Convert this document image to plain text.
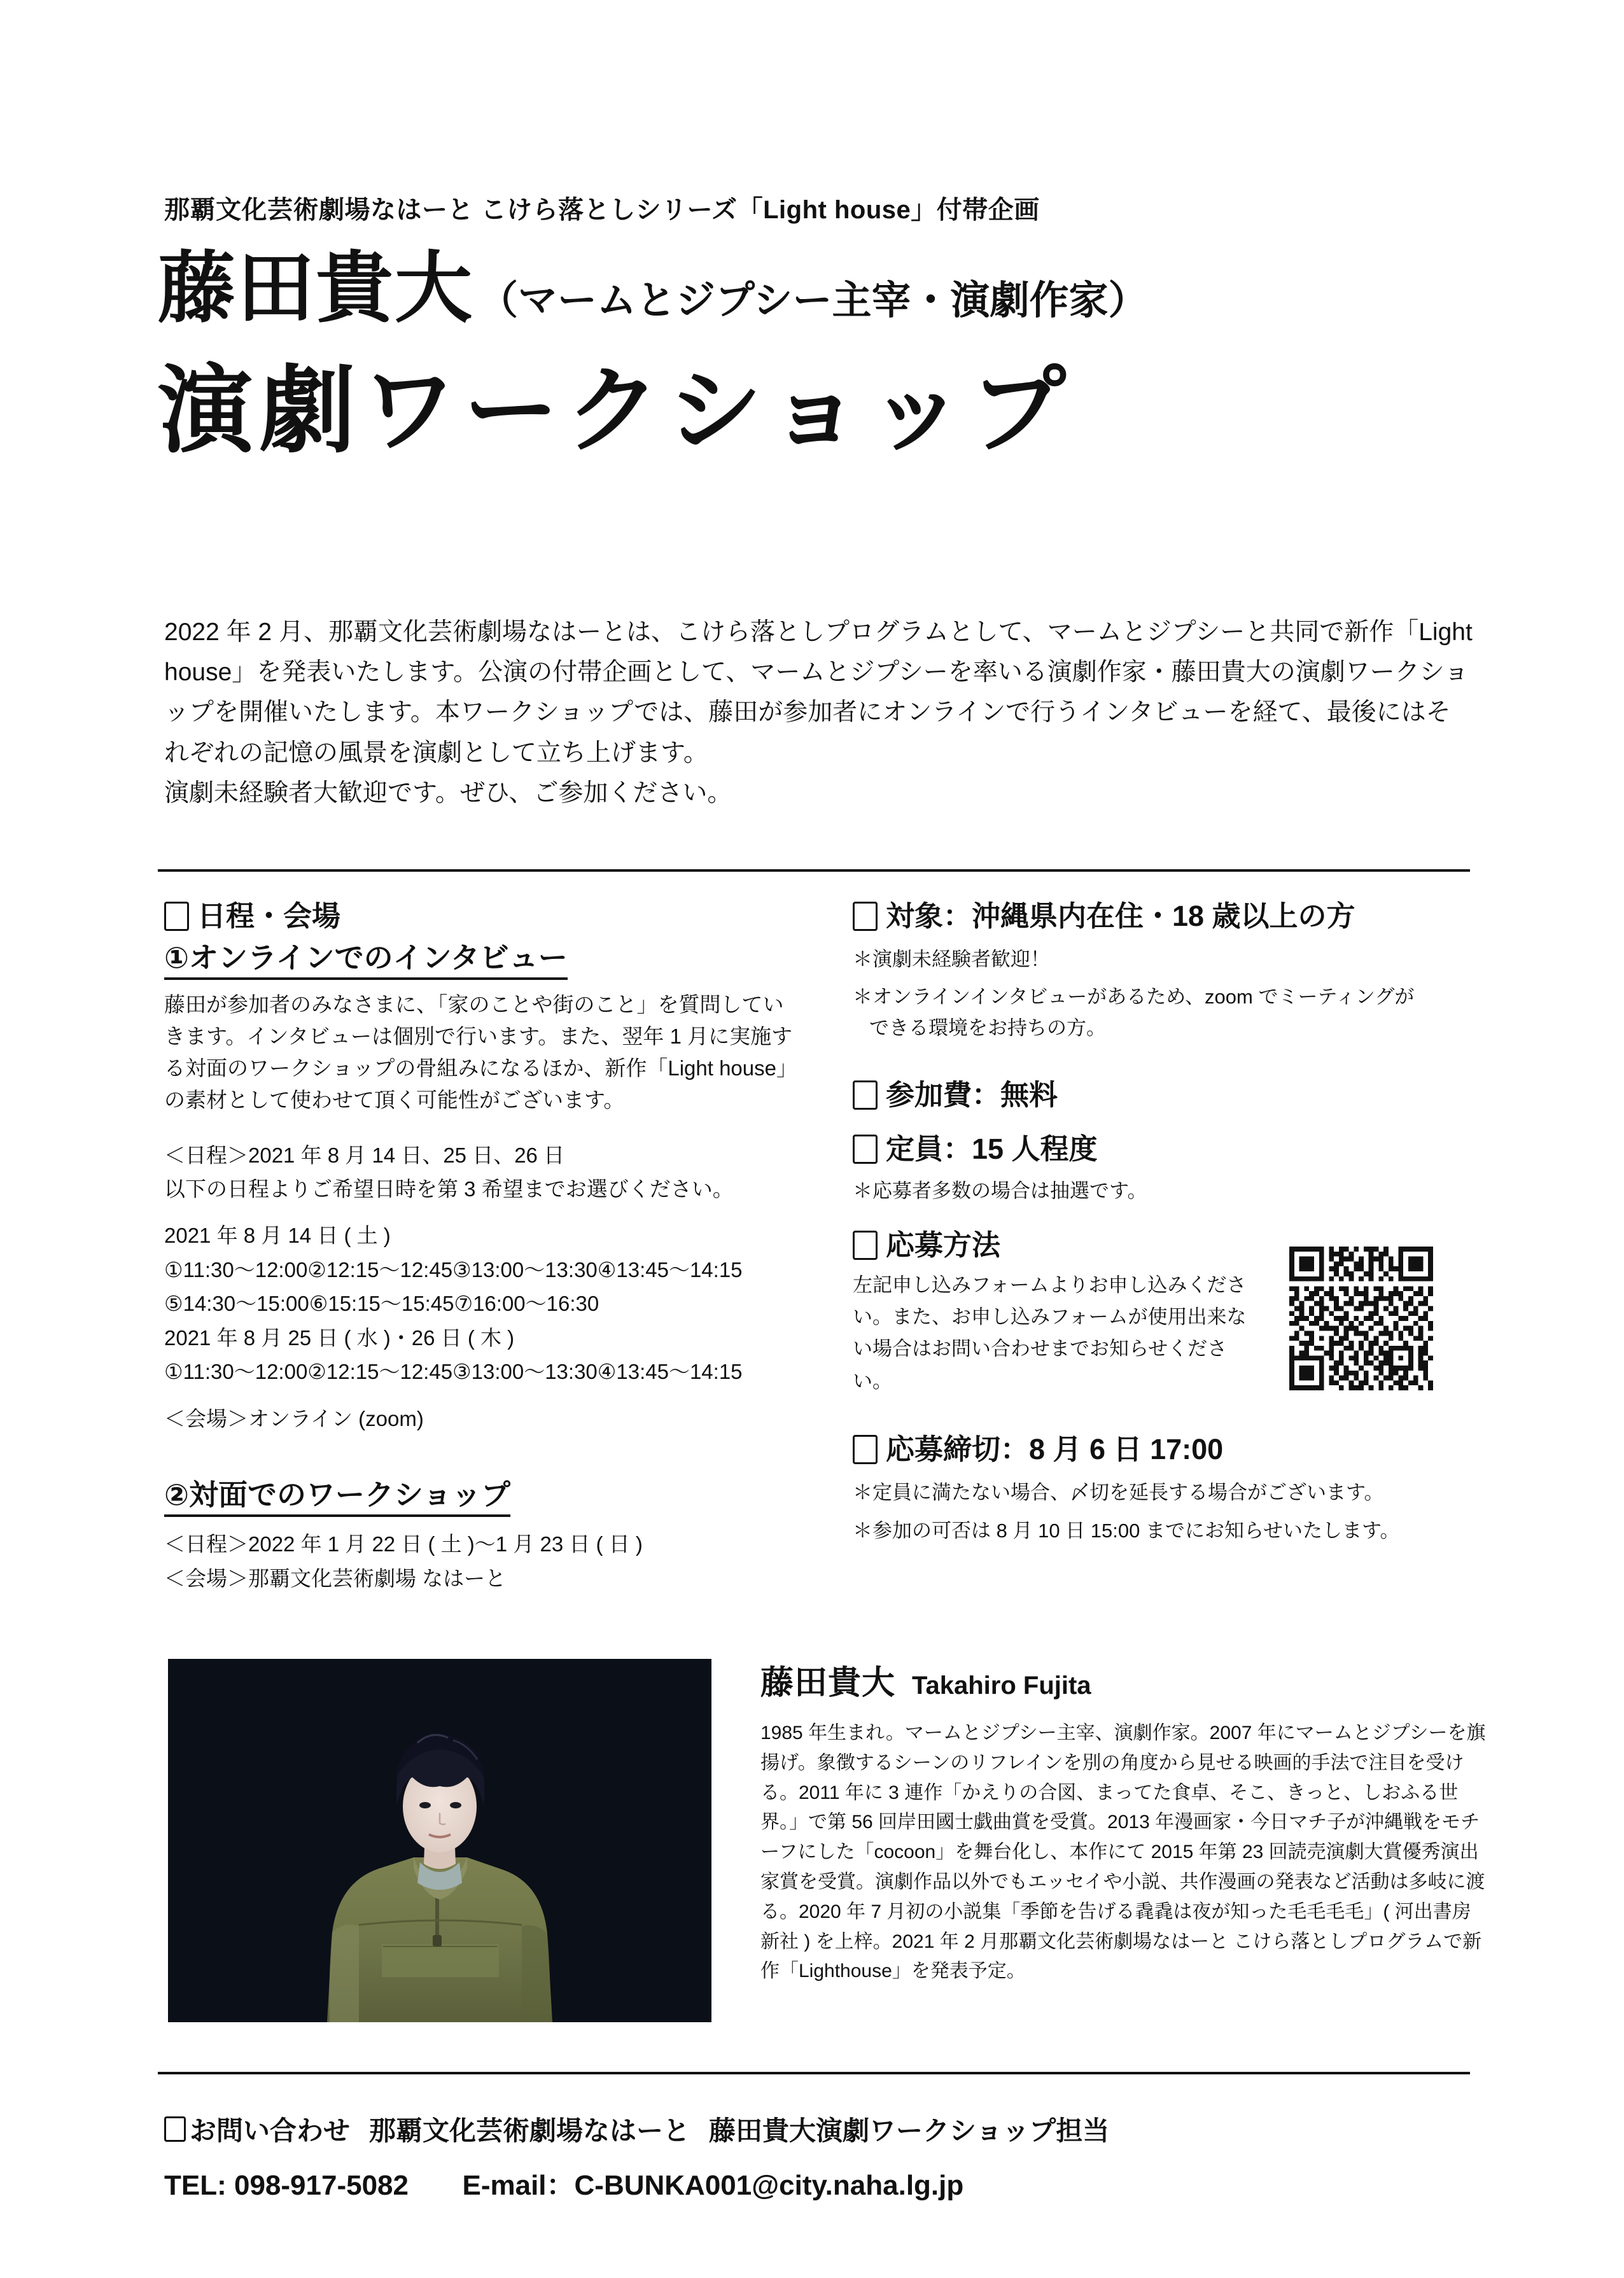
那覇文化芸術劇場なはーと こけら落としシリーズ「Light house」付帯企画
藤田貴大 （マームとジプシー主宰・演劇作家）
演劇ワークショップ
2022 年 2 月、那覇文化芸術劇場なはーとは、こけら落としプログラムとして、マームとジプシーと共同で新作「Light house」を発表いたします。公演の付帯企画として、マームとジプシーを率いる演劇作家・藤田貴大の演劇ワークショップを開催いたします。本ワークショップでは、藤田が参加者にオンラインで行うインタビューを経て、最後にはそれぞれの記憶の風景を演劇として立ち上げます。
演劇未経験者大歓迎です。ぜひ、ご参加ください。
日程・会場
①オンラインでのインタビュー
藤田が参加者のみなさまに、「家のことや街のこと」を質問していきます。インタビューは個別で行います。また、翌年 1 月に実施する対面のワークショップの骨組みになるほか、新作「Light house」の素材として使わせて頂く可能性がございます。
＜日程＞2021 年 8 月 14 日、25 日、26 日
以下の日程よりご希望日時を第 3 希望までお選びください。
2021 年 8 月 14 日 ( 土 )
①11:30〜12:00②12:15〜12:45③13:00〜13:30④13:45〜14:15
⑤14:30〜15:00⑥15:15〜15:45⑦16:00〜16:30
2021 年 8 月 25 日 ( 水 )・26 日 ( 木 )
①11:30〜12:00②12:15〜12:45③13:00〜13:30④13:45〜14:15
＜会場＞オンライン (zoom)
②対面でのワークショップ
＜日程＞2022 年 1 月 22 日 ( 土 )〜1 月 23 日 ( 日 )
＜会場＞那覇文化芸術劇場 なはーと
対象：沖縄県内在住・18 歳以上の方
＊演劇未経験者歓迎！
＊オンラインインタビューがあるため、zoom でミーティングが
できる環境をお持ちの方。
参加費：無料
定員：15 人程度
＊応募者多数の場合は抽選です。
応募方法
左記申し込みフォームよりお申し込みください。また、お申し込みフォームが使用出来ない場合はお問い合わせまでお知らせください。
応募締切：8 月 6 日 17:00
＊定員に満たない場合、〆切を延長する場合がございます。
＊参加の可否は 8 月 10 日 15:00 までにお知らせいたします。
藤田貴大 Takahiro Fujita
1985 年生まれ。マームとジプシー主宰、演劇作家。2007 年にマームとジプシーを旗揚げ。象徴するシーンのリフレインを別の角度から見せる映画的手法で注目を受ける。2011 年に 3 連作「かえりの合図、まってた食卓、そこ、きっと、しおふる世界。」で第 56 回岸田國士戯曲賞を受賞。2013 年漫画家・今日マチ子が沖縄戦をモチーフにした「cocoon」を舞台化し、本作にて 2015 年第 23 回読売演劇大賞優秀演出家賞を受賞。演劇作品以外でもエッセイや小説、共作漫画の発表など活動は多岐に渡る。2020 年 7 月初の小説集「季節を告げる毳毳は夜が知った毛毛毛毛」( 河出書房新社 ) を上梓。2021 年 2 月那覇文化芸術劇場なはーと こけら落としプログラムで新作「Lighthouse」を発表予定。
お問い合わせ 那覇文化芸術劇場なはーと 藤田貴大演劇ワークショップ担当
TEL: 098-917-5082 E-mail：C-BUNKA001@city.naha.lg.jp
